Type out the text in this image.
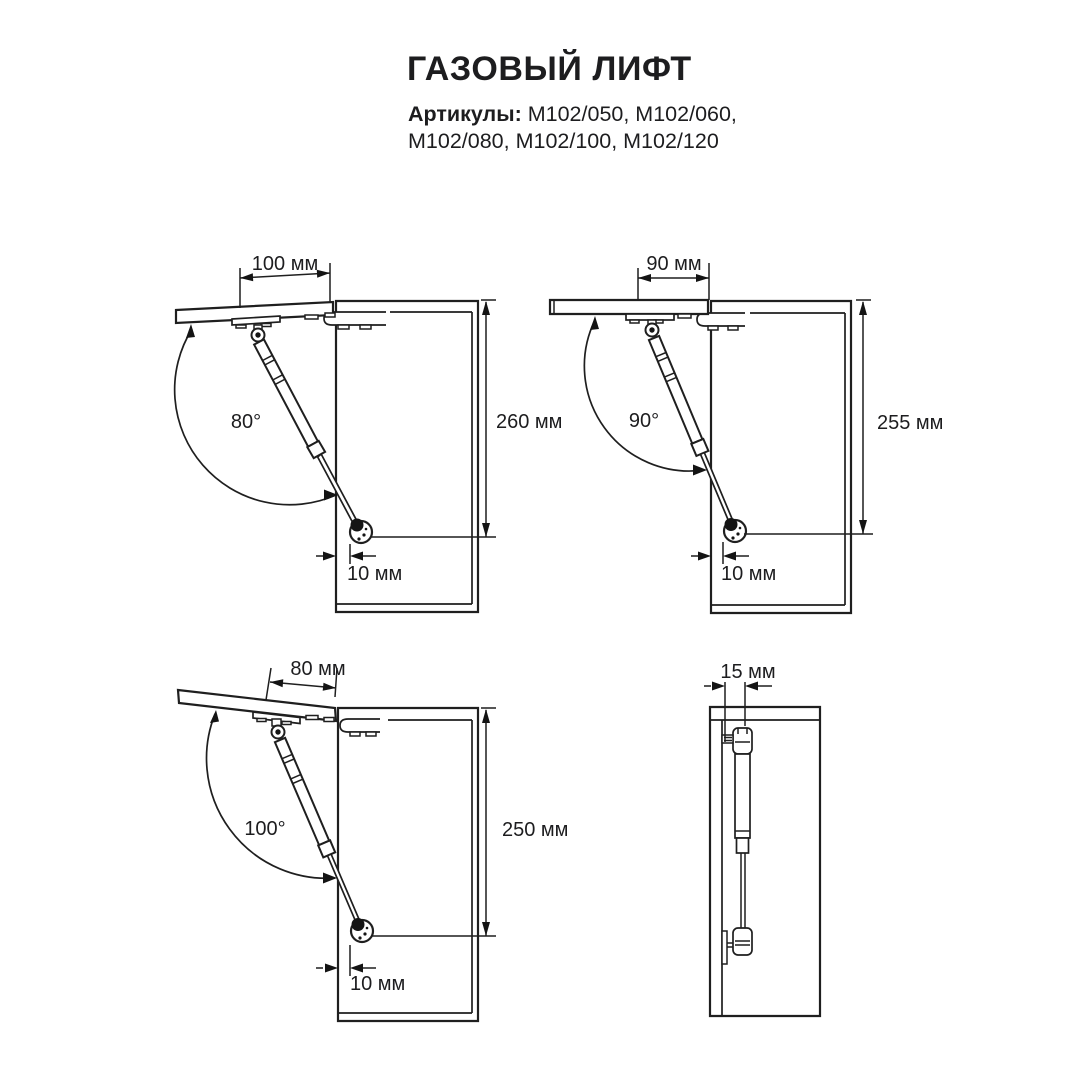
ГАЗОВЫЙ ЛИФТ

Артикулы: M102/050, M102/060,
M102/080, M102/100, M102/120

80°
100 мм
260 мм
10 мм
90°
90 мм
255 мм
10 мм
100°
80 мм
250 мм
10 мм
15 мм
